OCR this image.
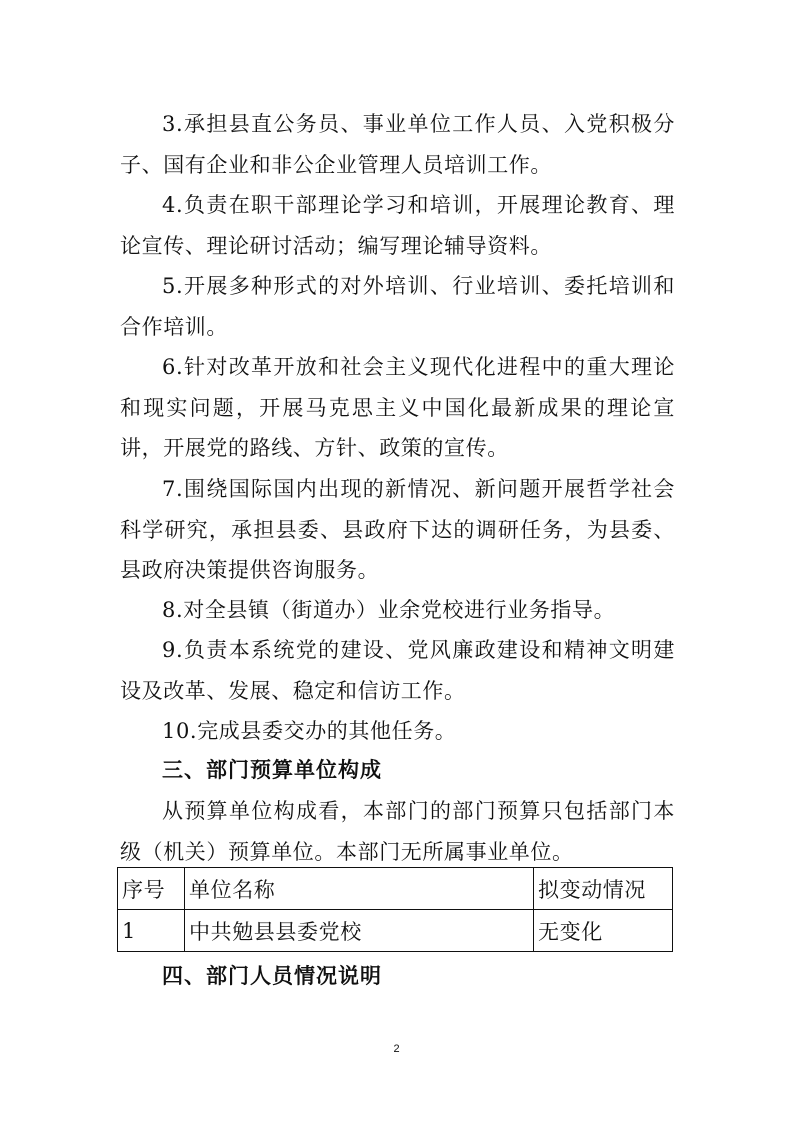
3.承担县直公务员、事业单位工作人员、入党积极分子、国有企业和非公企业管理人员培训工作。

4.负责在职干部理论学习和培训，开展理论教育、理论宣传、理论研讨活动；编写理论辅导资料。

5.开展多种形式的对外培训、行业培训、委托培训和合作培训。

6.针对改革开放和社会主义现代化进程中的重大理论和现实问题，开展马克思主义中国化最新成果的理论宣讲，开展党的路线、方针、政策的宣传。

7.围绕国际国内出现的新情况、新问题开展哲学社会科学研究，承担县委、县政府下达的调研任务，为县委、县政府决策提供咨询服务。

8.对全县镇（街道办）业余党校进行业务指导。

9.负责本系统党的建设、党风廉政建设和精神文明建设及改革、发展、稳定和信访工作。

10.完成县委交办的其他任务。

三、部门预算单位构成

从预算单位构成看，本部门的部门预算只包括部门本级（机关）预算单位。本部门无所属事业单位。

序号	单位名称	拟变动情况
1	中共勉县县委党校	无变化
四、部门人员情况说明
2
